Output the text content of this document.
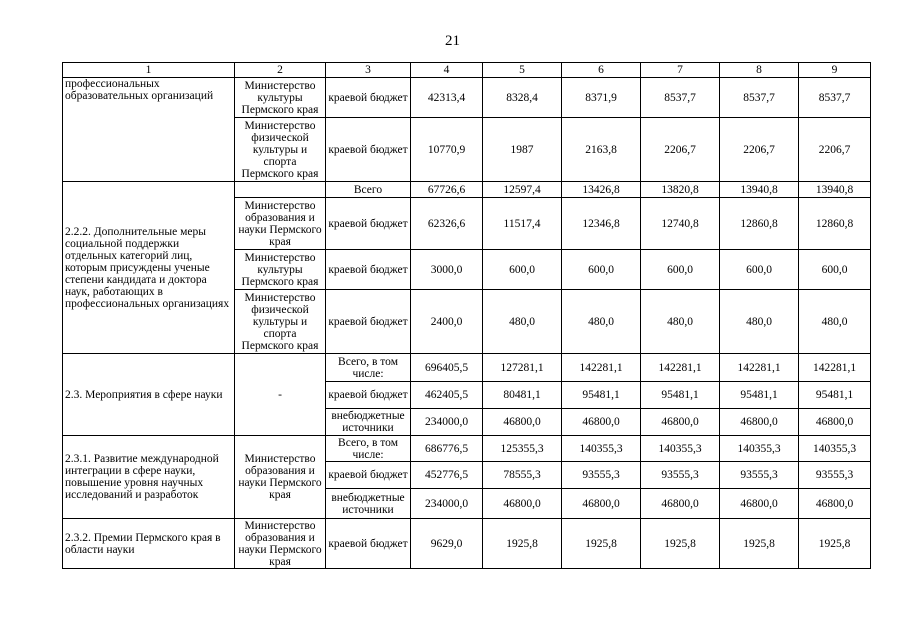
21
1	2	3	4	5	6	7	8	9
профессиональных образовательных организаций	Министерство культуры Пермского края	краевой бюджет	42313,4	8328,4	8371,9	8537,7	8537,7	8537,7
	Министерство физической культуры и спорта Пермского края	краевой бюджет	10770,9	1987	2163,8	2206,7	2206,7	2206,7
2.2.2. Дополнительные меры социальной поддержки отдельных категорий лиц, которым присуждены ученые степени кандидата и доктора наук, работающих в профессиональных организациях		Всего	67726,6	12597,4	13426,8	13820,8	13940,8	13940,8
	Министерство образования и науки Пермского края	краевой бюджет	62326,6	11517,4	12346,8	12740,8	12860,8	12860,8
	Министерство культуры Пермского края	краевой бюджет	3000,0	600,0	600,0	600,0	600,0	600,0
	Министерство физической культуры и спорта Пермского края	краевой бюджет	2400,0	480,0	480,0	480,0	480,0	480,0
2.3. Мероприятия в сфере науки	-	Всего, в том числе:	696405,5	127281,1	142281,1	142281,1	142281,1	142281,1
		краевой бюджет	462405,5	80481,1	95481,1	95481,1	95481,1	95481,1
		внебюджетные источники	234000,0	46800,0	46800,0	46800,0	46800,0	46800,0
2.3.1. Развитие международной интеграции в сфере науки, повышение уровня научных исследований и разработок	Министерство образования и науки Пермского края	Всего, в том числе:	686776,5	125355,3	140355,3	140355,3	140355,3	140355,3
		краевой бюджет	452776,5	78555,3	93555,3	93555,3	93555,3	93555,3
		внебюджетные источники	234000,0	46800,0	46800,0	46800,0	46800,0	46800,0
2.3.2. Премии Пермского края в области науки	Министерство образования и науки Пермского края	краевой бюджет	9629,0	1925,8	1925,8	1925,8	1925,8	1925,8
